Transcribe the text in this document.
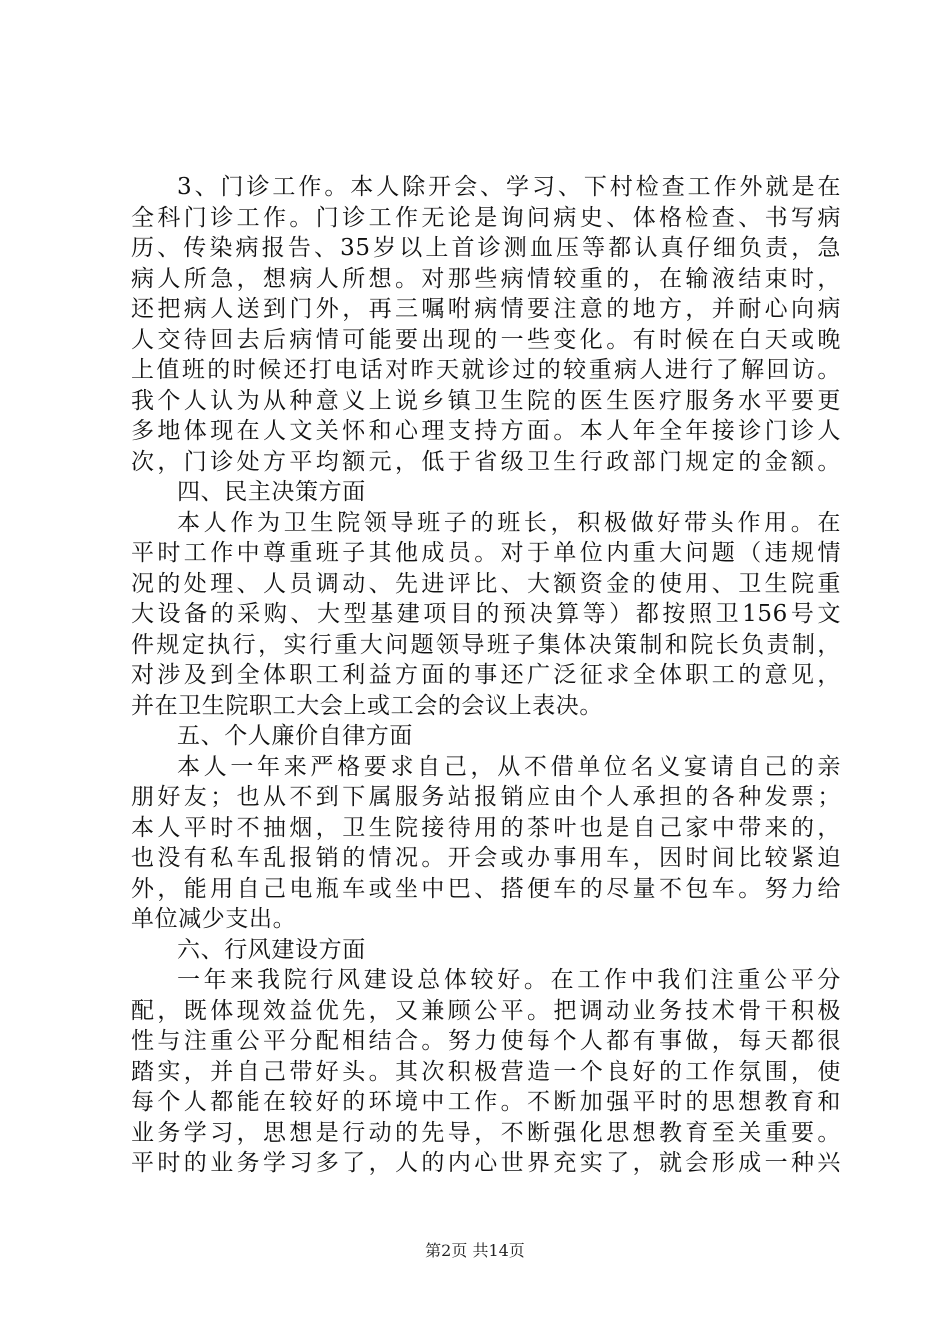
3、门诊工作。本人除开会、学习、下村检查工作外就是在
全科门诊工作。门诊工作无论是询问病史、体格检查、书写病
历、传染病报告、35岁以上首诊测血压等都认真仔细负责，急
病人所急，想病人所想。对那些病情较重的，在输液结束时，
还把病人送到门外，再三嘱咐病情要注意的地方，并耐心向病
人交待回去后病情可能要出现的一些变化。有时候在白天或晚
上值班的时候还打电话对昨天就诊过的较重病人进行了解回访。
我个人认为从种意义上说乡镇卫生院的医生医疗服务水平要更
多地体现在人文关怀和心理支持方面。本人年全年接诊门诊人
次，门诊处方平均额元，低于省级卫生行政部门规定的金额。
四、民主决策方面
本人作为卫生院领导班子的班长，积极做好带头作用。在
平时工作中尊重班子其他成员。对于单位内重大问题（违规情
况的处理、人员调动、先进评比、大额资金的使用、卫生院重
大设备的采购、大型基建项目的预决算等）都按照卫156号文
件规定执行，实行重大问题领导班子集体决策制和院长负责制，
对涉及到全体职工利益方面的事还广泛征求全体职工的意见，
并在卫生院职工大会上或工会的会议上表决。
五、个人廉价自律方面
本人一年来严格要求自己，从不借单位名义宴请自己的亲
朋好友；也从不到下属服务站报销应由个人承担的各种发票；
本人平时不抽烟，卫生院接待用的茶叶也是自己家中带来的，
也没有私车乱报销的情况。开会或办事用车，因时间比较紧迫
外，能用自己电瓶车或坐中巴、搭便车的尽量不包车。努力给
单位减少支出。
六、行风建设方面
一年来我院行风建设总体较好。在工作中我们注重公平分
配，既体现效益优先，又兼顾公平。把调动业务技术骨干积极
性与注重公平分配相结合。努力使每个人都有事做，每天都很
踏实，并自己带好头。其次积极营造一个良好的工作氛围，使
每个人都能在较好的环境中工作。不断加强平时的思想教育和
业务学习，思想是行动的先导，不断强化思想教育至关重要。
平时的业务学习多了，人的内心世界充实了，就会形成一种兴
第2页 共14页
